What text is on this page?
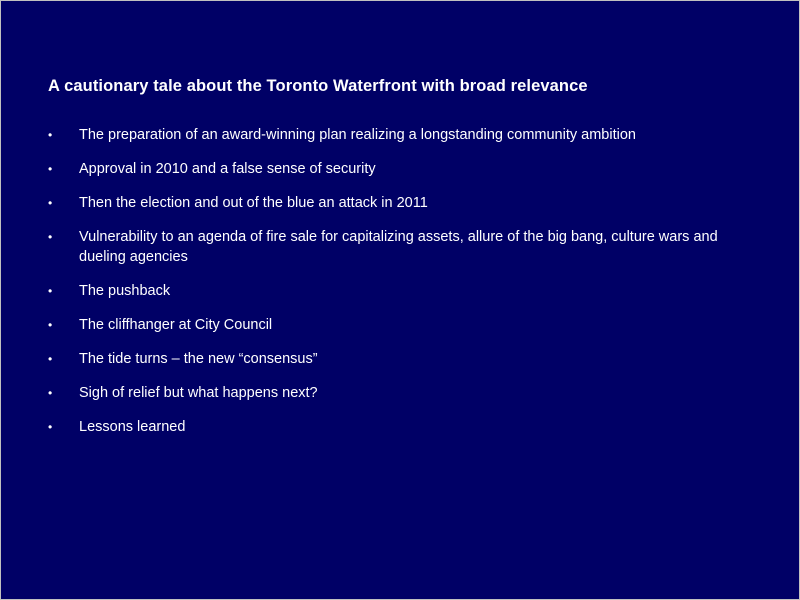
A cautionary tale about the Toronto Waterfront with broad relevance
• The preparation of an award-winning plan realizing a longstanding community ambition
• Approval in 2010 and a false sense of security
• Then the election and out of the blue an attack in 2011
• Vulnerability to an agenda of fire sale for capitalizing assets, allure of the big bang, culture wars and dueling agencies
• The pushback
• The cliffhanger at City Council
• The tide turns – the new “consensus”
• Sigh of relief but what happens next?
• Lessons learned
